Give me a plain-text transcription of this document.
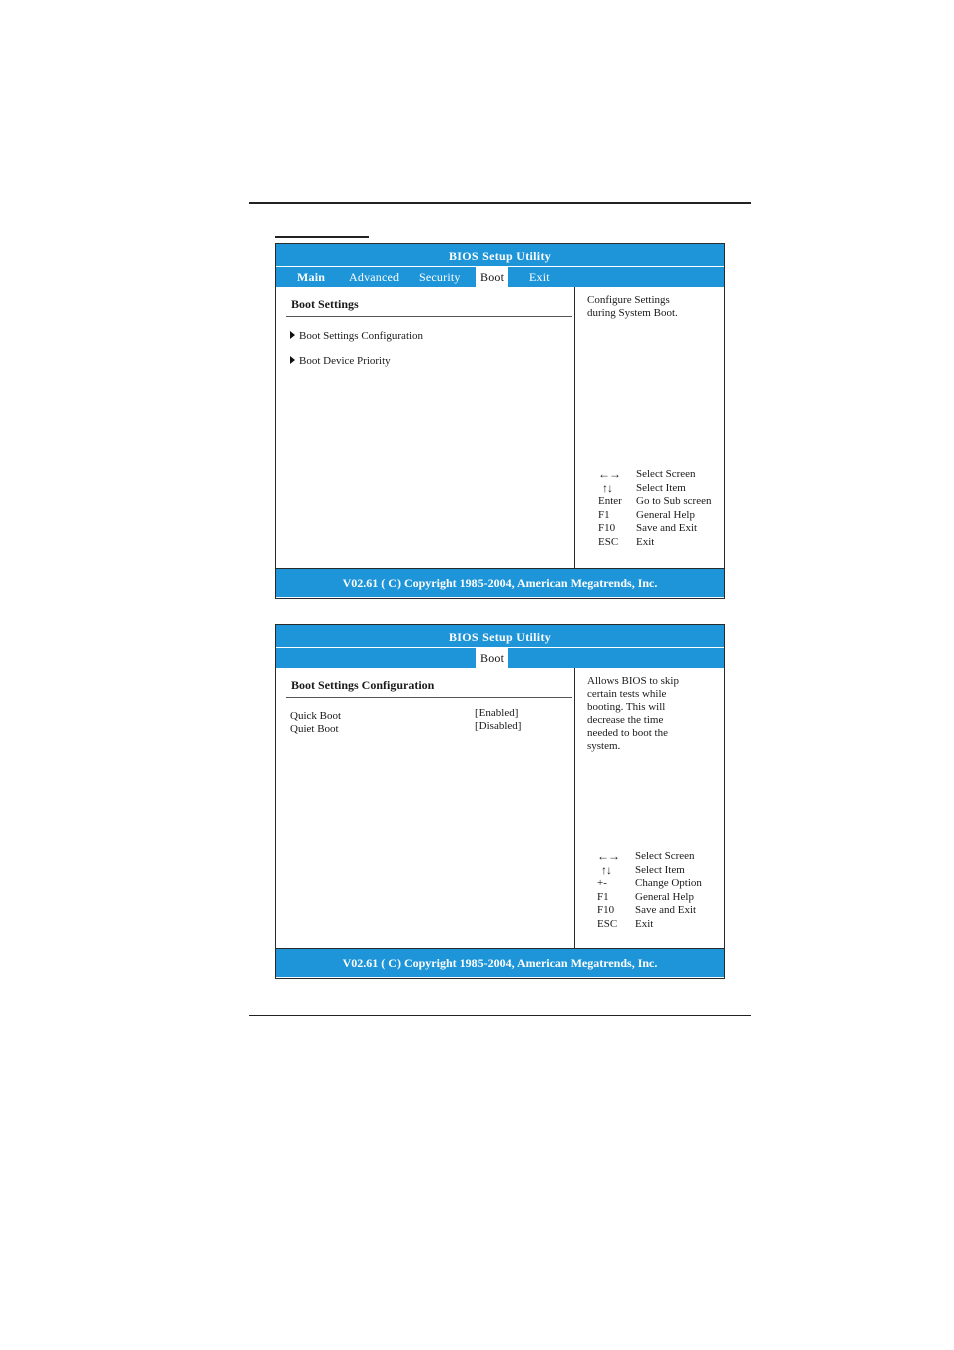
BIOS Setup Utility
Main Advanced Security	Boot	Exit
Boot Settings
Boot Settings Configuration
Boot Device Priority
Configure Settings
during System Boot.
←→	Select Screen
↑↓	Select Item
Enter	Go to Sub screen
F1	General Help
F10	Save and Exit
ESC	Exit
V02.61 ( C) Copyright 1985-2004, American Megatrends, Inc.
BIOS Setup Utility
Boot
Boot Settings Configuration
Quick Boot	[Enabled]
Quiet Boot	[Disabled]
Allows BIOS to skip
certain tests while
booting. This will
decrease the time
needed to boot the
system.
←→	Select Screen
↑↓	Select Item
+-	Change Option
F1	General Help
F10	Save and Exit
ESC	Exit
V02.61 ( C) Copyright 1985-2004, American Megatrends, Inc.
